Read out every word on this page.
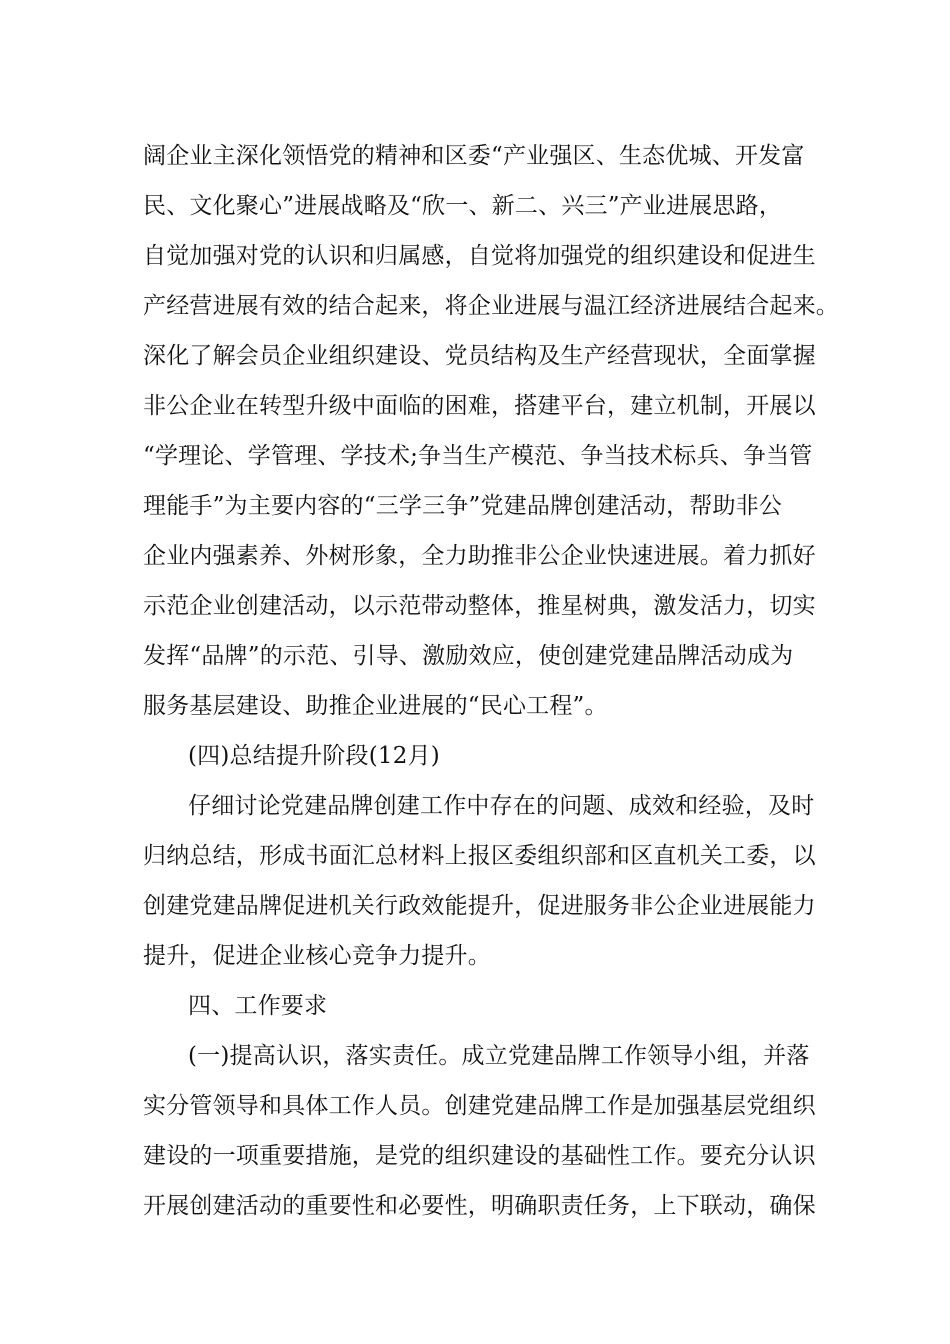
阔企业主深化领悟党的精神和区委“产业强区、生态优城、开发富
民、文化聚心”进展战略及“欣一、新二、兴三”产业进展思路，
自觉加强对党的认识和归属感，自觉将加强党的组织建设和促进生
产经营进展有效的结合起来，将企业进展与温江经济进展结合起来。
深化了解会员企业组织建设、党员结构及生产经营现状，全面掌握
非公企业在转型升级中面临的困难，搭建平台，建立机制，开展以
“学理论、学管理、学技术;争当生产模范、争当技术标兵、争当管
理能手”为主要内容的“三学三争”党建品牌创建活动，帮助非公
企业内强素养、外树形象，全力助推非公企业快速进展。着力抓好
示范企业创建活动，以示范带动整体，推星树典，激发活力，切实
发挥“品牌”的示范、引导、激励效应，使创建党建品牌活动成为
服务基层建设、助推企业进展的“民心工程”。
(四)总结提升阶段(12月)
仔细讨论党建品牌创建工作中存在的问题、成效和经验，及时
归纳总结，形成书面汇总材料上报区委组织部和区直机关工委，以
创建党建品牌促进机关行政效能提升，促进服务非公企业进展能力
提升，促进企业核心竞争力提升。
四、工作要求
(一)提高认识，落实责任。成立党建品牌工作领导小组，并落
实分管领导和具体工作人员。创建党建品牌工作是加强基层党组织
建设的一项重要措施，是党的组织建设的基础性工作。要充分认识
开展创建活动的重要性和必要性，明确职责任务，上下联动，确保
